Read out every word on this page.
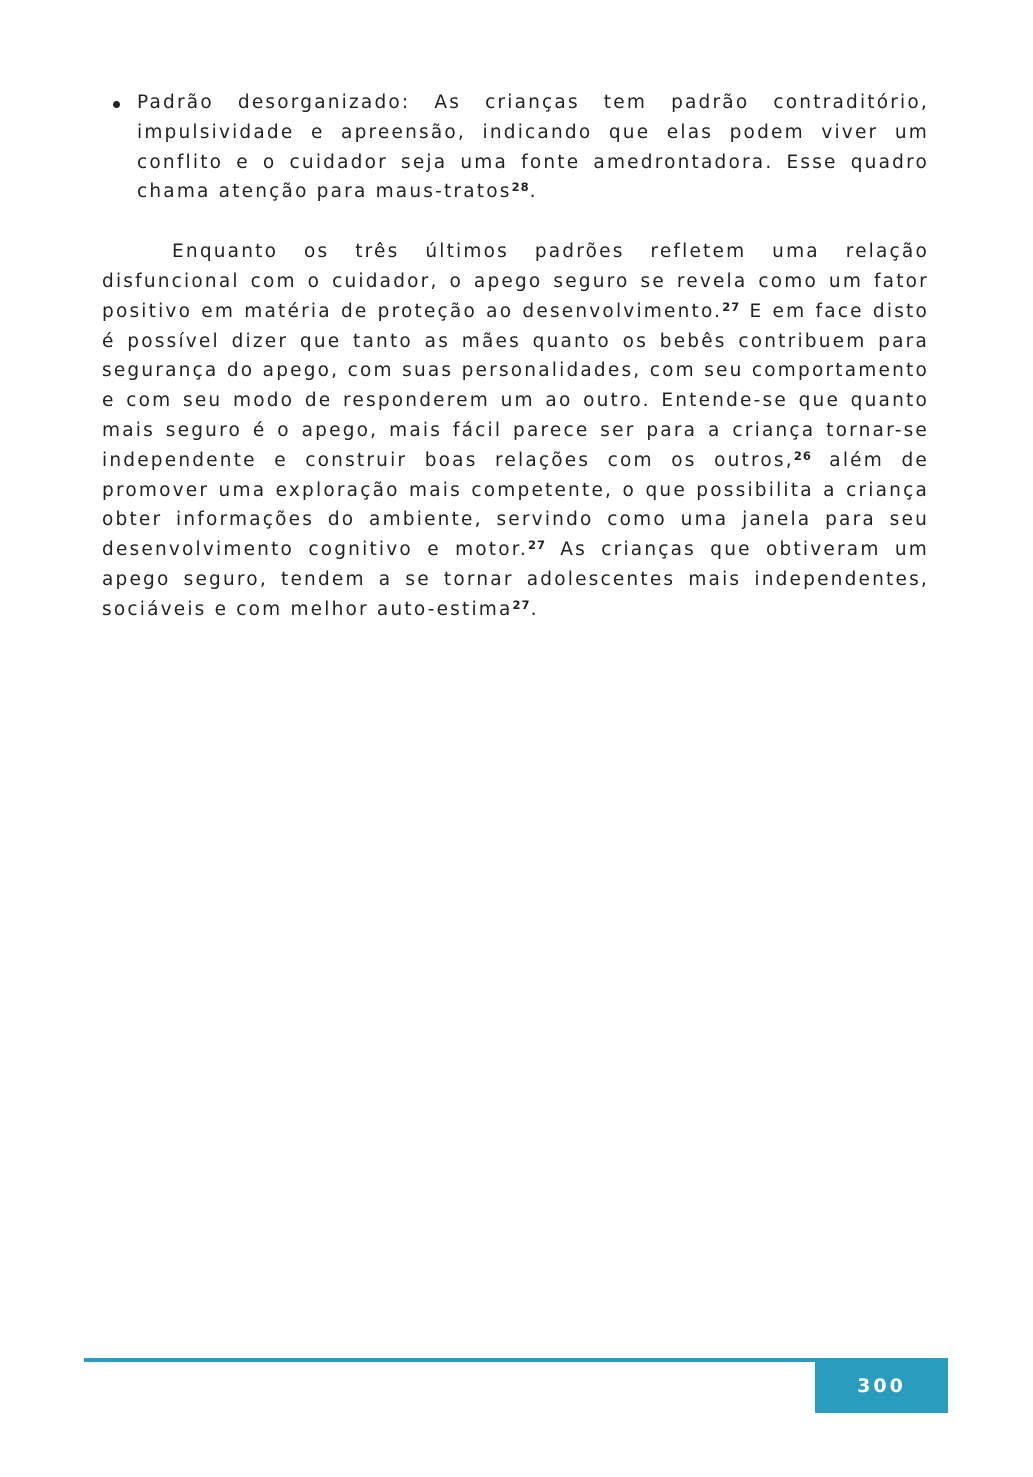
Padrão desorganizado: As crianças tem padrão contraditório, impulsividade e apreensão, indicando que elas podem viver um conflito e o cuidador seja uma fonte amedrontadora. Esse quadro chama atenção para maus-tratos$^{28}$.

Enquanto os três últimos padrões refletem uma relação disfuncional com o cuidador, o apego seguro se revela como um fator positivo em matéria de proteção ao desenvolvimento.$^{27}$ E em face disto é possível dizer que tanto as mães quanto os bebês contribuem para segurança do apego, com suas personalidades, com seu comportamento e com seu modo de responderem um ao outro. Entende-se que quanto mais seguro é o apego, mais fácil parece ser para a criança tornar-se independente e construir boas relações com os outros,$^{26}$ além de promover uma exploração mais competente, o que possibilita a criança obter informações do ambiente, servindo como uma janela para seu desenvolvimento cognitivo e motor.$^{27}$ As crianças que obtiveram um apego seguro, tendem a se tornar adolescentes mais independentes, sociáveis e com melhor auto-estima$^{27}$.

300
